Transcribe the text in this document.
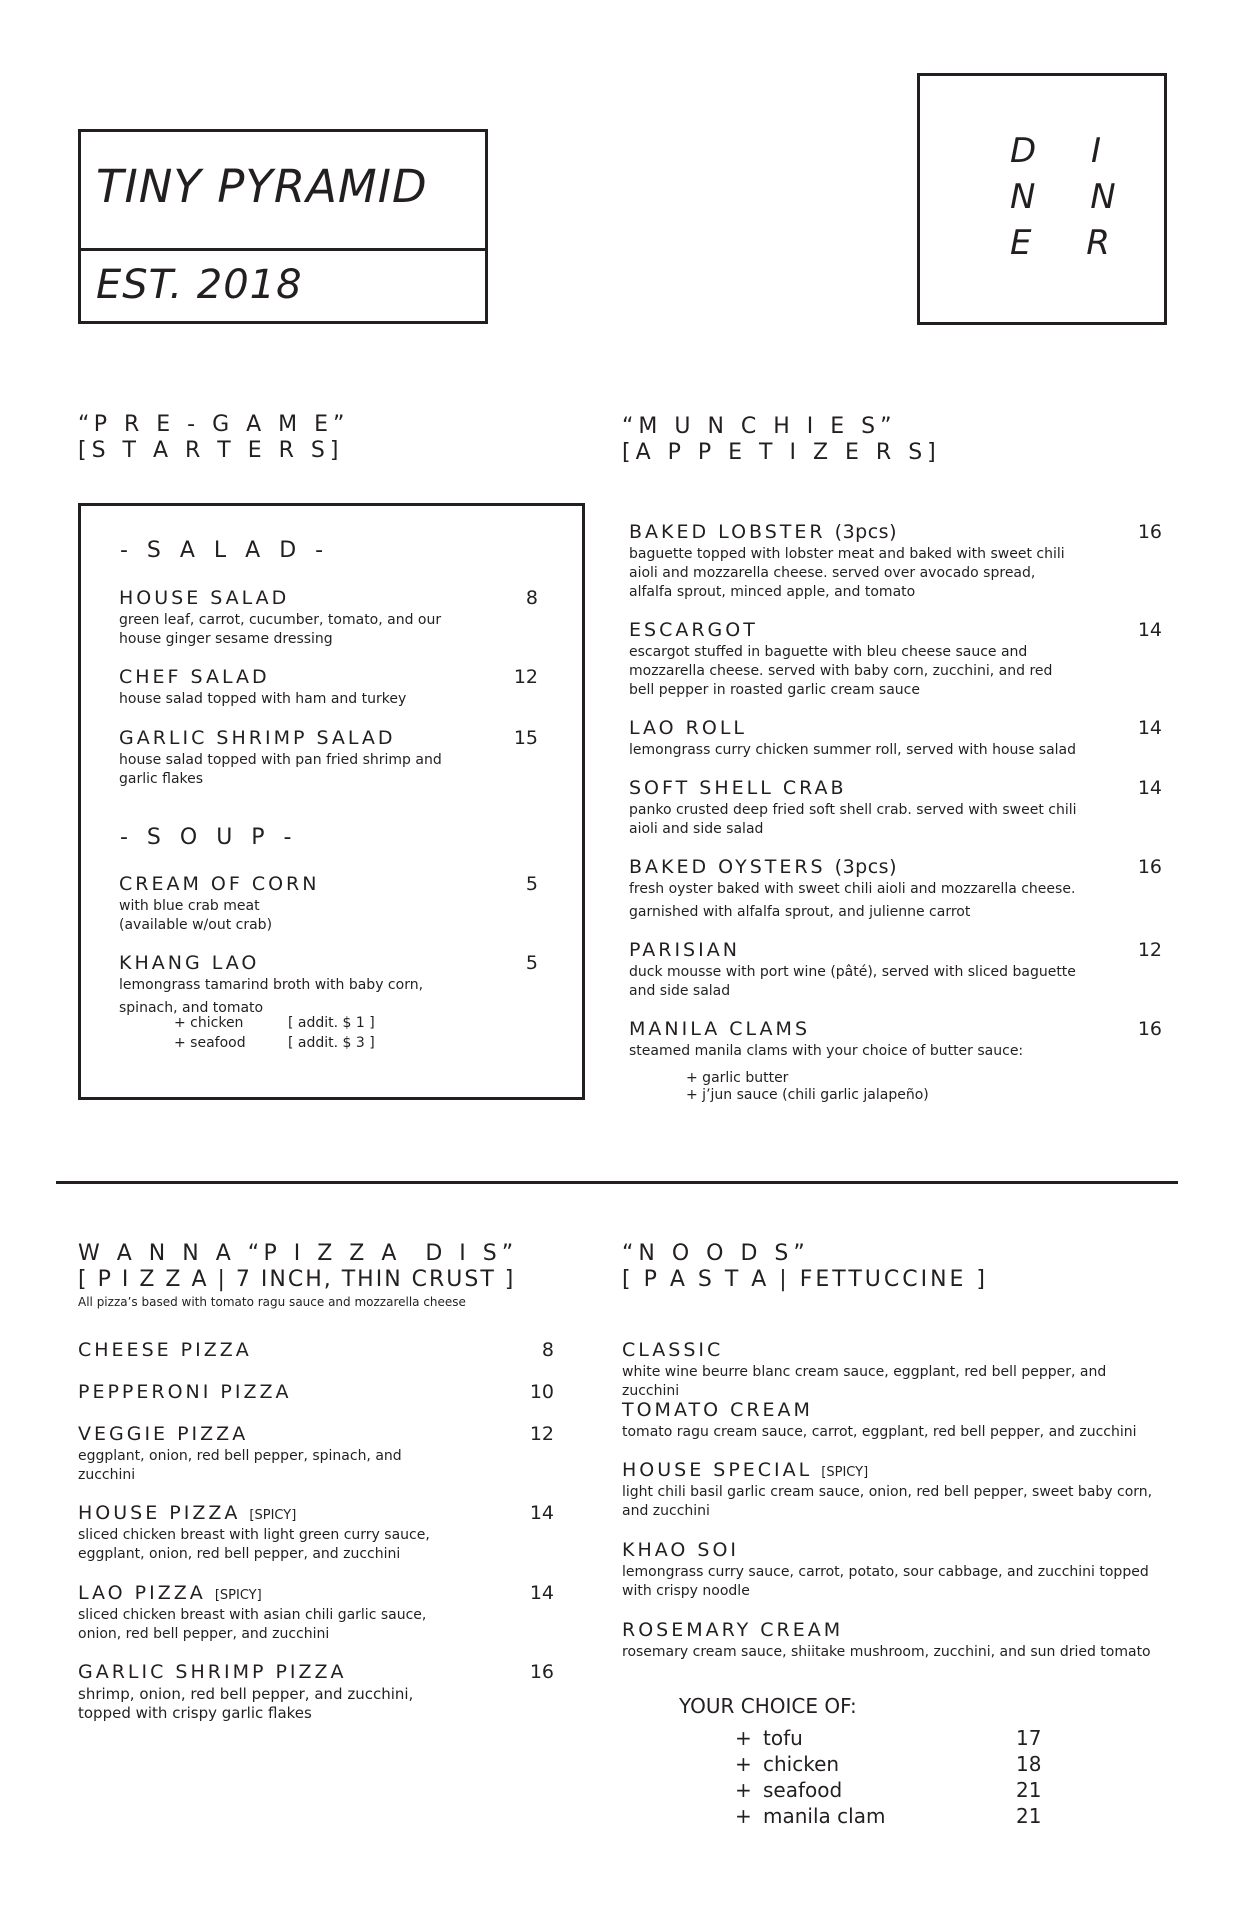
TINY PYRAMID
EST. 2018
D I
N N
E R
“P R E - G A M E”
[S T A R T E R S]
- S A L A D -
HOUSE SALAD
green leaf, carrot, cucumber, tomato, and our house ginger sesame dressing
8
CHEF SALAD
house salad topped with ham and turkey
12
GARLIC SHRIMP SALAD
house salad topped with pan fried shrimp and garlic flakes
15
- S O U P -
CREAM OF CORN
with blue crab meat
(available w/out crab)
5
KHANG LAO
lemongrass tamarind broth with baby corn,
spinach, and tomato
5
+ chicken	[ addit. $ 1 ]
+ seafood	[ addit. $ 3 ]
“M U N C H I E S”
[A P P E T I Z E R S]
BAKED LOBSTER (3pcs)
baguette topped with lobster meat and baked with sweet chili aioli and mozzarella cheese. served over avocado spread, alfalfa sprout, minced apple, and tomato
16
ESCARGOT
escargot stuffed in baguette with bleu cheese sauce and mozzarella cheese. served with baby corn, zucchini, and red bell pepper in roasted garlic cream sauce
14
LAO ROLL
lemongrass curry chicken summer roll, served with house salad
14
SOFT SHELL CRAB
panko crusted deep fried soft shell crab. served with sweet chili aioli and side salad
14
BAKED OYSTERS (3pcs)
fresh oyster baked with sweet chili aioli and mozzarella cheese.
garnished with alfalfa sprout, and julienne carrot
16
PARISIAN
duck mousse with port wine (pâté), served with sliced baguette and side salad
12
MANILA CLAMS
steamed manila clams with your choice of butter sauce:
16
+ garlic butter
+ j’jun sauce (chili garlic jalapeño)
W A N N A “P I Z Z A  D I S”
[ P I Z Z A | 7 INCH, THIN CRUST ]
All pizza’s based with tomato ragu sauce and mozzarella cheese
CHEESE PIZZA	8
PEPPERONI PIZZA	10
VEGGIE PIZZA
eggplant, onion, red bell pepper, spinach, and zucchini
12
HOUSE PIZZA [SPICY]
sliced chicken breast with light green curry sauce, eggplant, onion, red bell pepper, and zucchini
14
LAO PIZZA [SPICY]
sliced chicken breast with asian chili garlic sauce, onion, red bell pepper, and zucchini
14
GARLIC SHRIMP PIZZA
shrimp, onion, red bell pepper, and zucchini, topped with crispy garlic flakes
16
“N O O D S”
[ P A S T A | FETTUCCINE ]
CLASSIC
white wine beurre blanc cream sauce, eggplant, red bell pepper, and zucchini
TOMATO CREAM
tomato ragu cream sauce, carrot, eggplant, red bell pepper, and zucchini
HOUSE SPECIAL [SPICY]
light chili basil garlic cream sauce, onion, red bell pepper, sweet baby corn, and zucchini
KHAO SOI
lemongrass curry sauce, carrot, potato, sour cabbage, and zucchini topped with crispy noodle
ROSEMARY CREAM
rosemary cream sauce, shiitake mushroom, zucchini, and sun dried tomato
YOUR CHOICE OF:
+ tofu	17
+ chicken	18
+ seafood	21
+ manila clam	21
